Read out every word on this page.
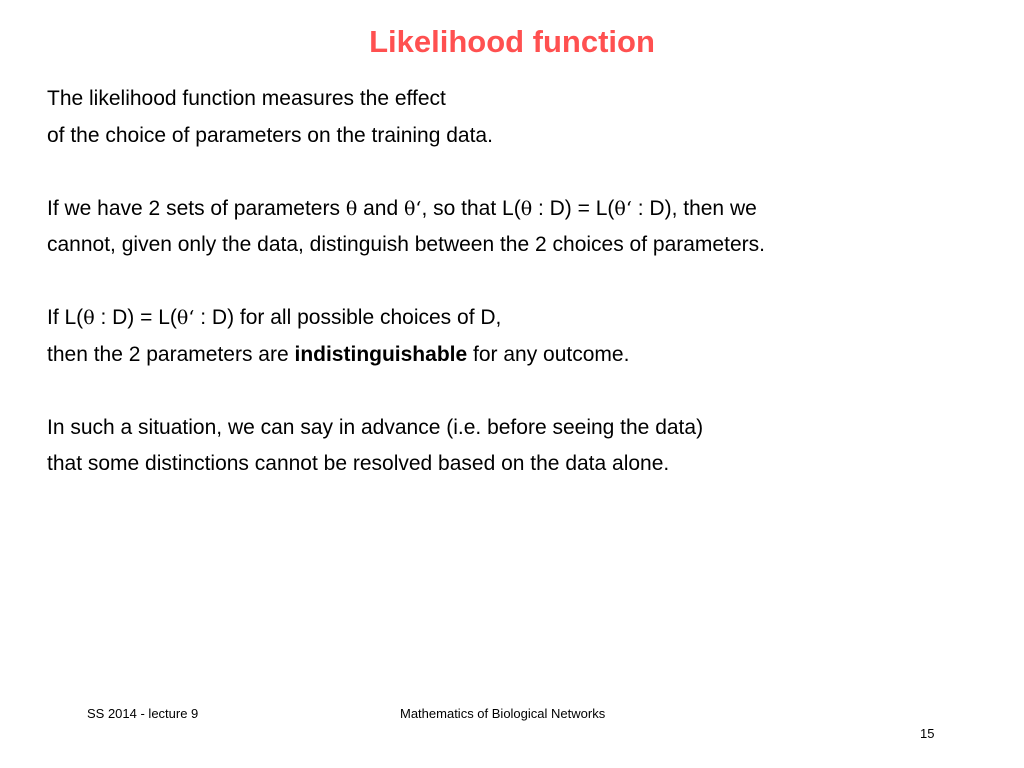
Likelihood function
The likelihood function measures the effect
of the choice of parameters on the training data.
If we have 2 sets of parameters θ and θ‘, so that L(θ : D) = L(θ‘ : D), then we
cannot, given only the data, distinguish between the 2 choices of parameters.
If L(θ : D) = L(θ‘ : D) for all possible choices of D,
then the 2 parameters are indistinguishable for any outcome.
In such a situation, we can say in advance (i.e. before seeing the data)
that some distinctions cannot be resolved based on the data alone.
SS 2014 - lecture 9	Mathematics of Biological Networks
15
